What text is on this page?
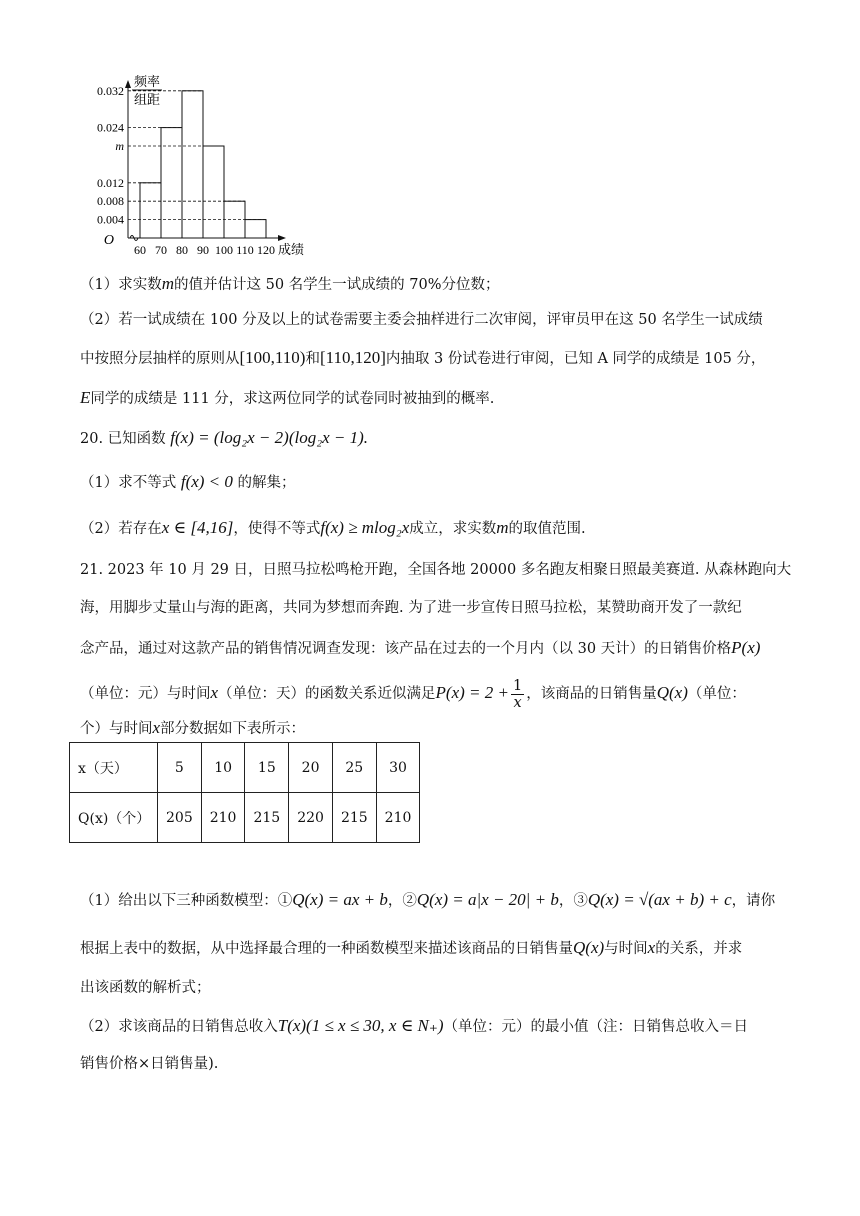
0.032
0.024
m
0.012
0.008
0.004
60 70 80 90 100 110 120 成绩
O
频率
组距
（1）求实数m的值并估计这 50 名学生一试成绩的 70%分位数；
（2）若一试成绩在 100 分及以上的试卷需要主委会抽样进行二次审阅，评审员甲在这 50 名学生一试成绩
中按照分层抽样的原则从[100,110)和[110,120]内抽取 3 份试卷进行审阅，已知 A 同学的成绩是 105 分，
E同学的成绩是 111 分，求这两位同学的试卷同时被抽到的概率.
20. 已知函数 f(x) = (log₂x − 2)(log₂x − 1).
（1）求不等式 f(x) < 0 的解集；
（2）若存在x ∈ [4,16]，使得不等式f(x) ≥ mlog₂x成立，求实数m的取值范围.
21. 2023 年 10 月 29 日，日照马拉松鸣枪开跑，全国各地 20000 多名跑友相聚日照最美赛道. 从森林跑向大
海，用脚步丈量山与海的距离，共同为梦想而奔跑. 为了进一步宣传日照马拉松，某赞助商开发了一款纪
念产品，通过对这款产品的销售情况调查发现：该产品在过去的一个月内（以 30 天计）的日销售价格P(x)
（单位：元）与时间x（单位：天）的函数关系近似满足$P(x) = 2 + \frac{1}{x}$ ，该商品的日销售量Q(x)（单位：
个）与时间x部分数据如下表所示：
x（天）	5	10	15	20	25	30
Q(x)（个）	205	210	215	220	215	210
（1）给出以下三种函数模型：①Q(x) = ax + b，②Q(x) = a|x − 20| + b，③Q(x) = √(ax + b) + c，请你
根据上表中的数据，从中选择最合理的一种函数模型来描述该商品的日销售量Q(x)与时间x的关系，并求
出该函数的解析式；
（2）求该商品的日销售总收入T(x)(1 ≤ x ≤ 30, x ∈ N₊)（单位：元）的最小值（注：日销售总收入＝日
销售价格×日销售量).
